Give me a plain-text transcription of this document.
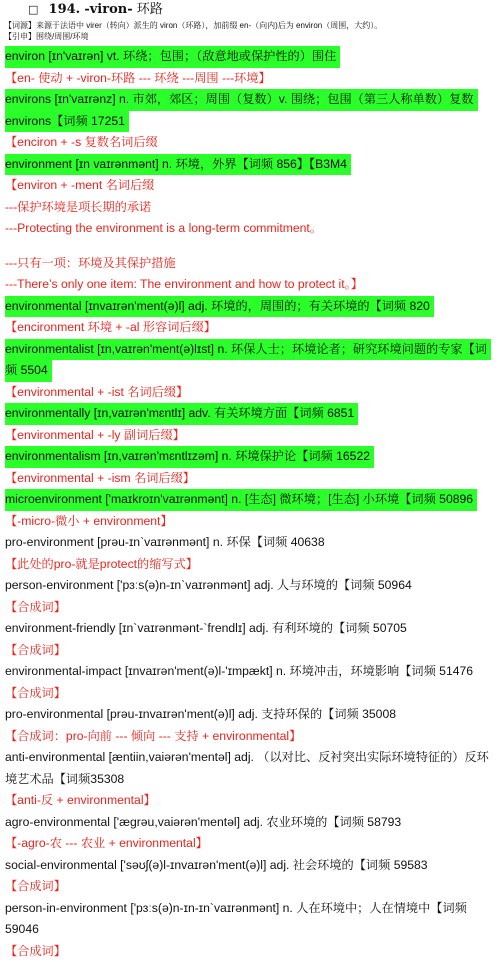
□ 194. -viron- 环路
【词源】来源于法语中 virer（转向）派生的 viron（环路），加前缀 en-（向内)后为 environ（周围，大约）。
【引申】围绕/周围/环境
environ [ɪn'vaɪrən] vt. 环绕；包围；（敌意地或保护性的）围住
【en- 使动 + -viron-环路 --- 环绕 ---周围 ---环境】
environs [ɪn'vaɪrənz] n. 市郊，郊区；周围（复数）v. 围绕；包围（第三人称单数）复数
environs【词频 17251
【enciron + -s 复数名词后缀
environment [ɪn vaɪrənmənt] n. 环境，外界【词频 856】【B3M4
【environ + -ment 名词后缀
---保护环境是项长期的承诺
---Protecting the environment is a long-term commitment。
---只有一项：环境及其保护措施
---There’s only one item: The environment and how to protect it。】
environmental [ɪnvaɪrən'ment(ə)l] adj. 环境的，周围的；有关环境的【词频 820
【encironment 环境 + -al 形容词后缀】
environmentalist [ɪn,vaɪrən'ment(ə)lɪst] n. 环保人士；环境论者；研究环境问题的专家【词
频 5504
【environmental + -ist 名词后缀】
environmentally [ɪn,vaɪrən'mɛntlɪ] adv. 有关环境方面【词频 6851
【environmental + -ly 副词后缀】
environmentalism [ɪn,vaɪrən'mɛntlɪzəm] n. 环境保护论【词频 16522
【environmental + -ism 名词后缀】
microenvironment ['maɪkroɪn'vaɪrənmənt] n. [生态] 微环境；[生态] 小环境【词频 50896
【-micro-微小 + environment】
pro-environment [prəu-ɪn`vaɪrənmənt] n. 环保【词频 40638
【此处的pro-就是protect的缩写式】
person-environment ['pɜːs(ə)n-ɪn`vaɪrənmənt] adj. 人与环境的【词频 50964
【合成词】
environment-friendly [ɪn`vaɪrənmənt-`frendlɪ] adj. 有利环境的【词频 50705
【合成词】
environmental-impact [ɪnvaɪrən'ment(ə)l-'ɪmpækt] n. 环境冲击，环境影响【词频 51476
【合成词】
pro-environmental [prəu-ɪnvaɪrən'ment(ə)l] adj. 支持环保的【词频 35008
【合成词：pro-向前 --- 倾向 --- 支持 + environmental】
anti-environmental [æntiin,vaiərən'mentəl] adj. （以对比、反衬突出实际环境特征的）反环
境艺术品【词频35308
【anti-反 + environmental】
agro-environmental ['ægrəu,vaiərən'mentəl] adj. 农业环境的【词频 58793
【-agro-农 --- 农业 + environmental】
social-environmental ['səʊʃ(ə)l-ɪnvaɪrən'ment(ə)l] adj. 社会环境的【词频 59583
【合成词】
person-in-environment ['pɜːs(ə)n-ɪn-ɪn`vaɪrənmənt] n. 人在环境中；人在情境中【词频
59046
【合成词】
